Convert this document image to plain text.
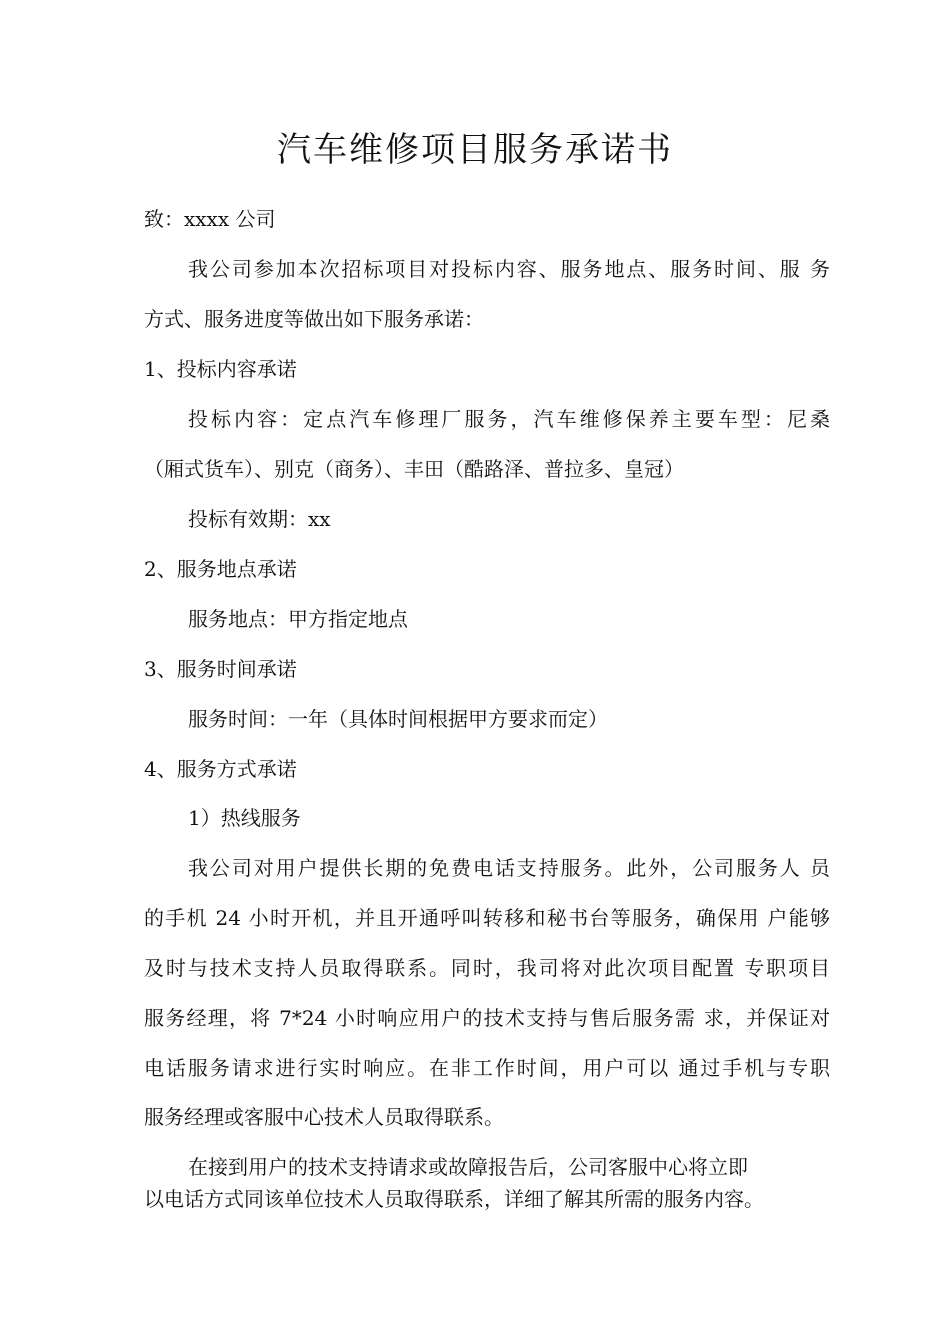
汽车维修项目服务承诺书
致：xxxx 公司
我公司参加本次招标项目对投标内容、服务地点、服务时间、服 务
方式、服务进度等做出如下服务承诺：
1、投标内容承诺
投标内容：定点汽车修理厂服务，汽车维修保养主要车型：尼桑
（厢式货车）、别克（商务）、丰田（酷路泽、普拉多、皇冠）
投标有效期：xx
2、服务地点承诺
服务地点：甲方指定地点
3、服务时间承诺
服务时间：一年（具体时间根据甲方要求而定）
4、服务方式承诺
1）热线服务
我公司对用户提供长期的免费电话支持服务。此外，公司服务人 员
的手机 24 小时开机，并且开通呼叫转移和秘书台等服务，确保用 户能够
及时与技术支持人员取得联系。同时，我司将对此次项目配置 专职项目
服务经理，将 7*24 小时响应用户的技术支持与售后服务需 求，并保证对
电话服务请求进行实时响应。在非工作时间，用户可以 通过手机与专职
服务经理或客服中心技术人员取得联系。
在接到用户的技术支持请求或故障报告后，公司客服中心将立即
以电话方式同该单位技术人员取得联系，详细了解其所需的服务内容。
